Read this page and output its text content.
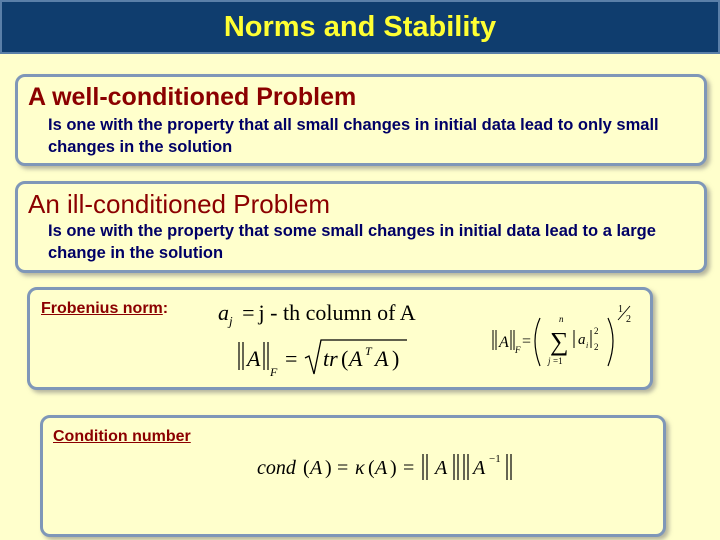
Norms and Stability
A well-conditioned Problem
Is one with the property that all small changes in initial data lead to only small changes in the solution
An ill-conditioned Problem
Is one with the property that some small changes in initial data lead to a large change in the solution
Frobenius norm: $a_j = j$ - th column of A
A
F
= tr ( A T A )
A F =
n
∑
j =1
a i
2
2
1
2
Condition number
cond ( A ) = κ ( A ) = A A −1
